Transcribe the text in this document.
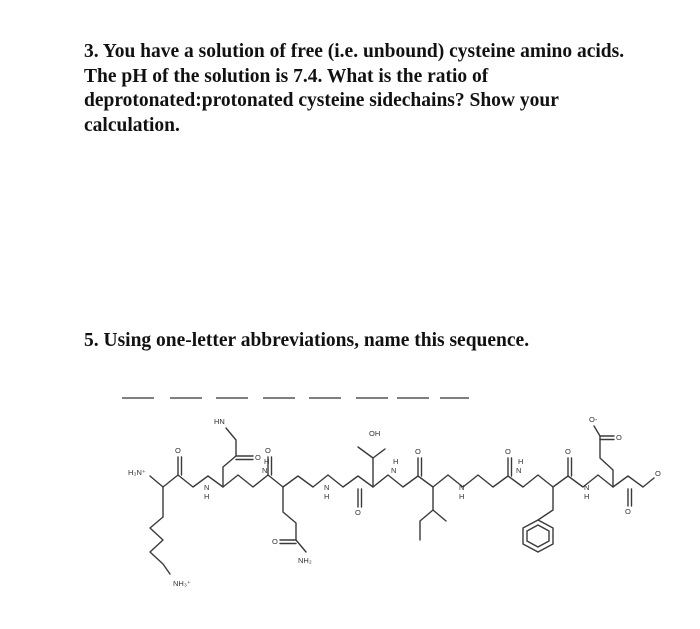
3. You have a solution of free (i.e. unbound) cysteine amino acids. The pH of the solution is 7.4. What is the ratio of deprotonated:protonated cysteine sidechains? Show your calculation.

5. Using one-letter abbreviations, name this sequence.

H₃N⁺
NH₃⁺
HN
NH₂
OH
O-
H N
H N
H N
N H
N H
N H
N H
O	O
O
O	O	O
O
O
O
O
O
